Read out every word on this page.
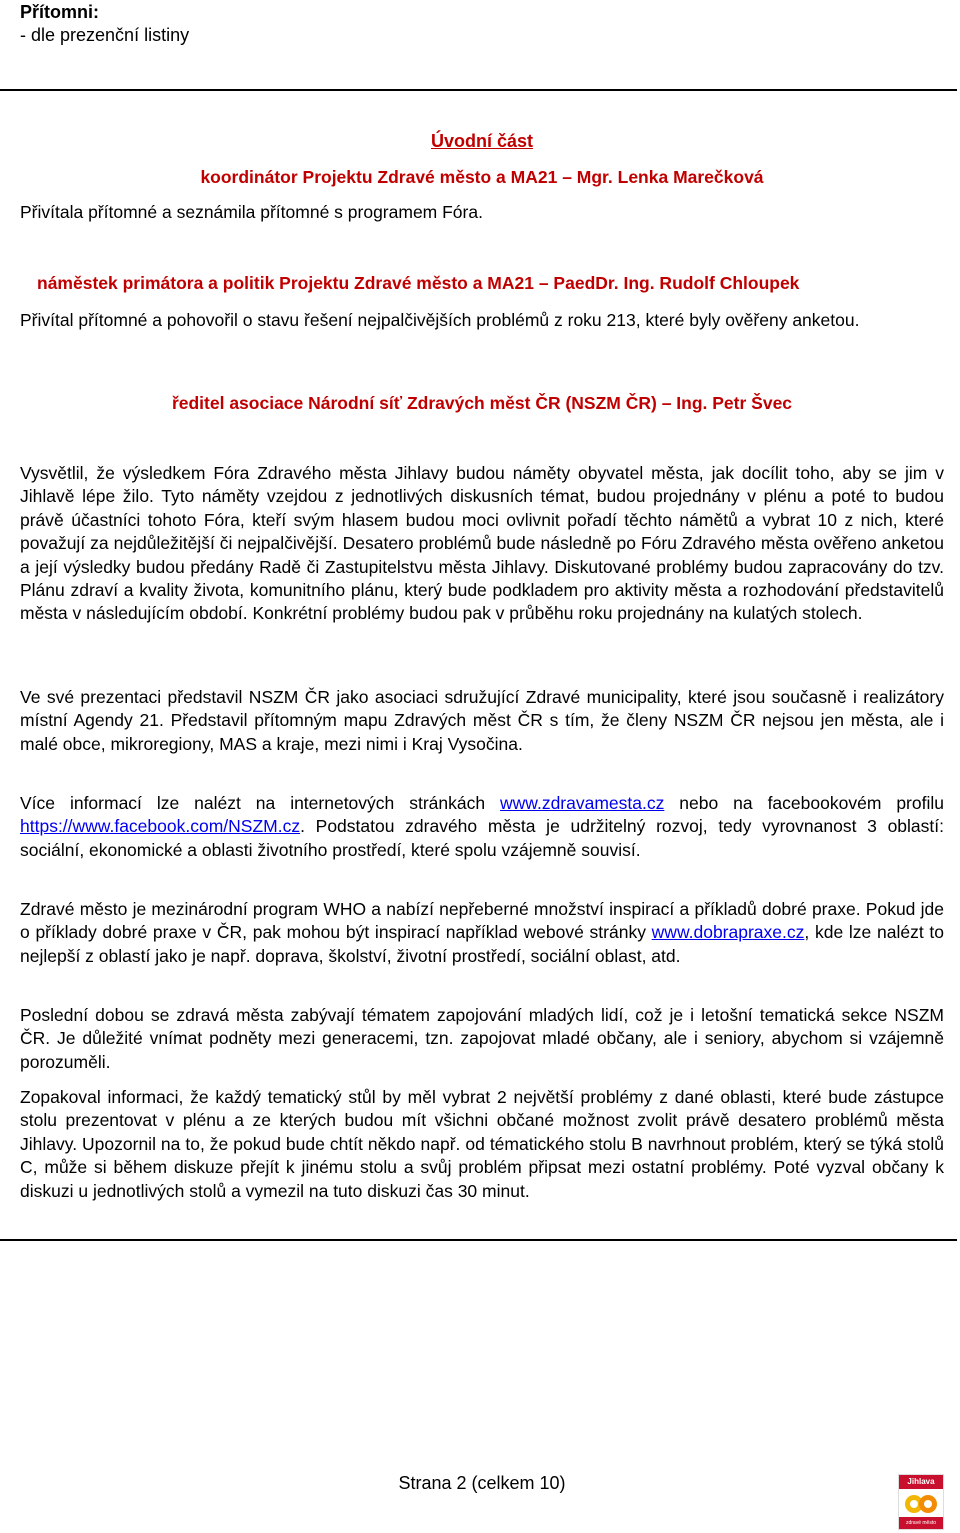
Přítomni:
- dle prezenční listiny
Úvodní část
koordinátor Projektu Zdravé město a MA21 – Mgr. Lenka Marečková
Přivítala přítomné a seznámila přítomné s programem Fóra.
náměstek primátora a politik Projektu Zdravé město a MA21 – PaedDr. Ing. Rudolf Chloupek
Přivítal přítomné a pohovořil o stavu řešení nejpalčivějších problémů z roku 213, které byly ověřeny anketou.
ředitel asociace Národní síť Zdravých měst ČR (NSZM ČR) – Ing. Petr Švec
Vysvětlil, že výsledkem Fóra Zdravého města Jihlavy budou náměty obyvatel města, jak docílit toho, aby se jim v Jihlavě lépe žilo. Tyto náměty vzejdou z jednotlivých diskusních témat, budou projednány v plénu a poté to budou právě účastníci tohoto Fóra, kteří svým hlasem budou moci ovlivnit pořadí těchto námětů a vybrat 10 z nich, které považují za nejdůležitější či nejpalčivější. Desatero problémů bude následně po Fóru Zdravého města ověřeno anketou a její výsledky budou předány Radě či Zastupitelstvu města Jihlavy. Diskutované problémy budou zapracovány do tzv. Plánu zdraví a kvality života, komunitního plánu, který bude podkladem pro aktivity města a rozhodování představitelů města v následujícím období. Konkrétní problémy budou pak v průběhu roku projednány na kulatých stolech.
Ve své prezentaci představil NSZM ČR jako asociaci sdružující Zdravé municipality, které jsou současně i realizátory místní Agendy 21. Představil přítomným mapu Zdravých měst ČR s tím, že členy NSZM ČR nejsou jen města, ale i malé obce, mikroregiony, MAS a kraje, mezi nimi i Kraj Vysočina.
Více informací lze nalézt na internetových stránkách www.zdravamesta.cz nebo na facebookovém profilu https://www.facebook.com/NSZM.cz. Podstatou zdravého města je udržitelný rozvoj, tedy vyrovnanost 3 oblastí: sociální, ekonomické a oblasti životního prostředí, které spolu vzájemně souvisí.
Zdravé město je mezinárodní program WHO a nabízí nepřeberné množství inspirací a příkladů dobré praxe. Pokud jde o příklady dobré praxe v ČR, pak mohou být inspirací například webové stránky www.dobrapraxe.cz, kde lze nalézt to nejlepší z oblastí jako je např. doprava, školství, životní prostředí, sociální oblast, atd.
Poslední dobou se zdravá města zabývají tématem zapojování mladých lidí, což je i letošní tematická sekce NSZM ČR. Je důležité vnímat podněty mezi generacemi, tzn. zapojovat mladé občany, ale i seniory, abychom si vzájemně porozuměli.
Zopakoval informaci, že každý tematický stůl by měl vybrat 2 největší problémy z dané oblasti, které bude zástupce stolu prezentovat v plénu a ze kterých budou mít všichni občané možnost zvolit právě desatero problémů města Jihlavy. Upozornil na to, že pokud bude chtít někdo např. od tématického stolu B navrhnout problém, který se týká stolů C, může si během diskuze přejít k jinému stolu a svůj problém připsat mezi ostatní problémy. Poté vyzval občany k diskuzi u jednotlivých stolů a vymezil na tuto diskuzi čas 30 minut.
Strana 2 (celkem 10)	Jihlava
zdravé město
